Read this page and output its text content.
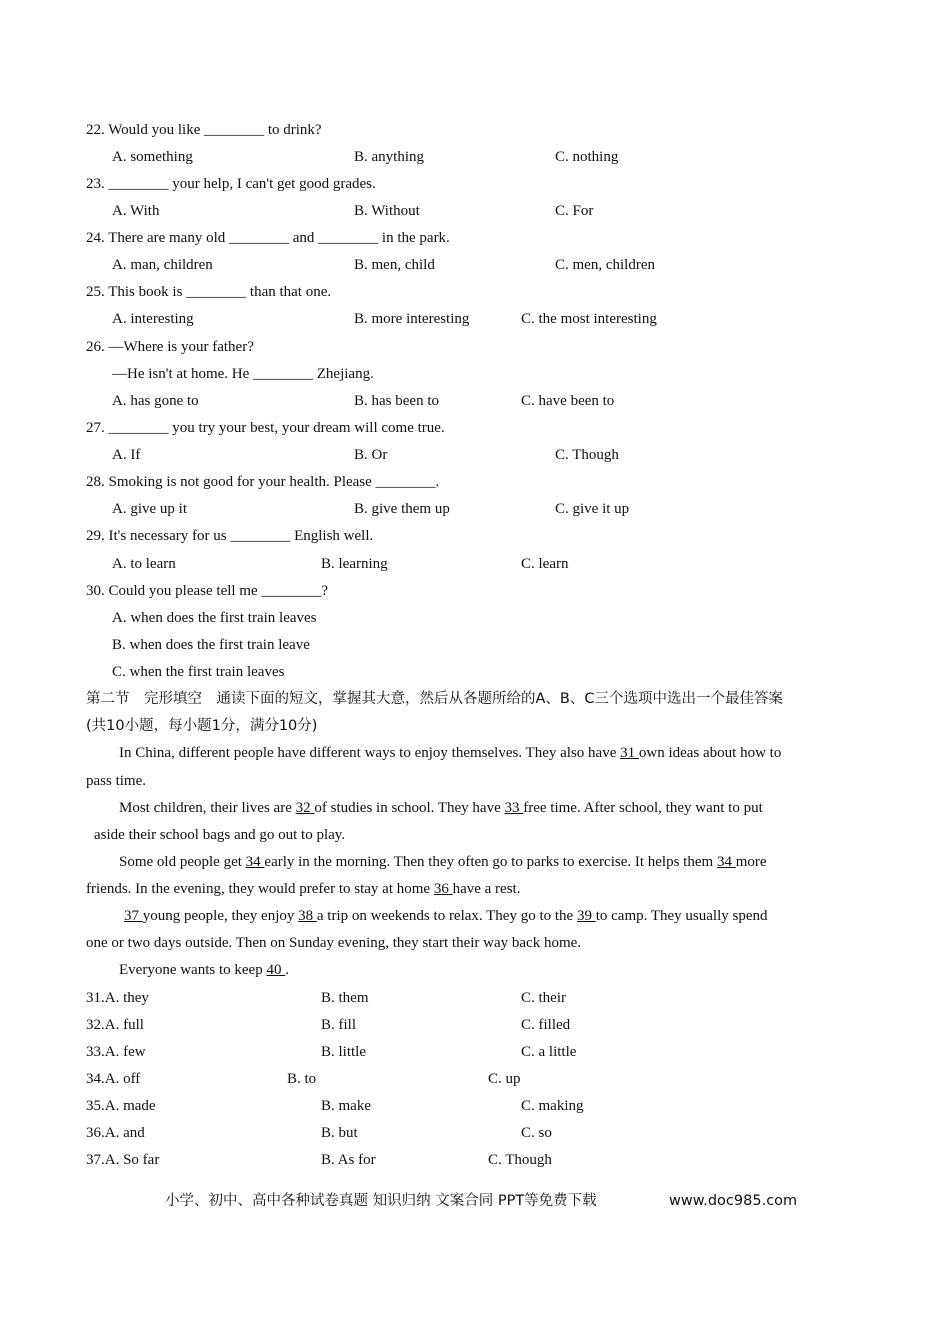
22. Would you like ________ to drink?
A. something	B. anything	C. nothing
23. ________ your help, I can't get good grades.
A. With	B. Without	C. For
24. There are many old ________ and ________ in the park.
A. man, children	B. men, child	C. men, children
25. This book is ________ than that one.
A. interesting	B. more interesting	C. the most interesting
26. —Where is your father?
—He isn't at home. He ________ Zhejiang.
A. has gone to	B. has been to	C. have been to
27. ________ you try your best, your dream will come true.
A. If	B. Or	C. Though
28. Smoking is not good for your health. Please ________.
A. give up it	B. give them up	C. give it up
29. It's necessary for us ________ English well.
A. to learn	B. learning	C. learn
30. Could you please tell me ________?
A. when does the first train leaves
B. when does the first train leave
C. when the first train leaves
第二节　完形填空　通读下面的短文，掌握其大意，然后从各题所给的A、B、C三个选项中选出一个最佳答案
(共10小题，每小题1分，满分10分)
In China, different people have different ways to enjoy themselves. They also have 31 own ideas about how to
pass time.
Most children, their lives are 32 of studies in school. They have 33 free time. After school, they want to put
aside their school bags and go out to play.
Some old people get 34 early in the morning. Then they often go to parks to exercise. It helps them 34 more
friends. In the evening, they would prefer to stay at home 36 have a rest.
37 young people, they enjoy 38 a trip on weekends to relax. They go to the 39 to camp. They usually spend
one or two days outside. Then on Sunday evening, they start their way back home.
Everyone wants to keep 40 .
31.A. they	B. them	C. their
32.A. full	B. fill	C. filled
33.A. few	B. little	C. a little
34.A. off	B. to	C. up
35.A. made	B. make	C. making
36.A. and	B. but	C. so
37.A. So far	B. As for	C. Though
小学、初中、高中各种试卷真题 知识归纳 文案合同 PPT等免费下载	www.doc985.com
